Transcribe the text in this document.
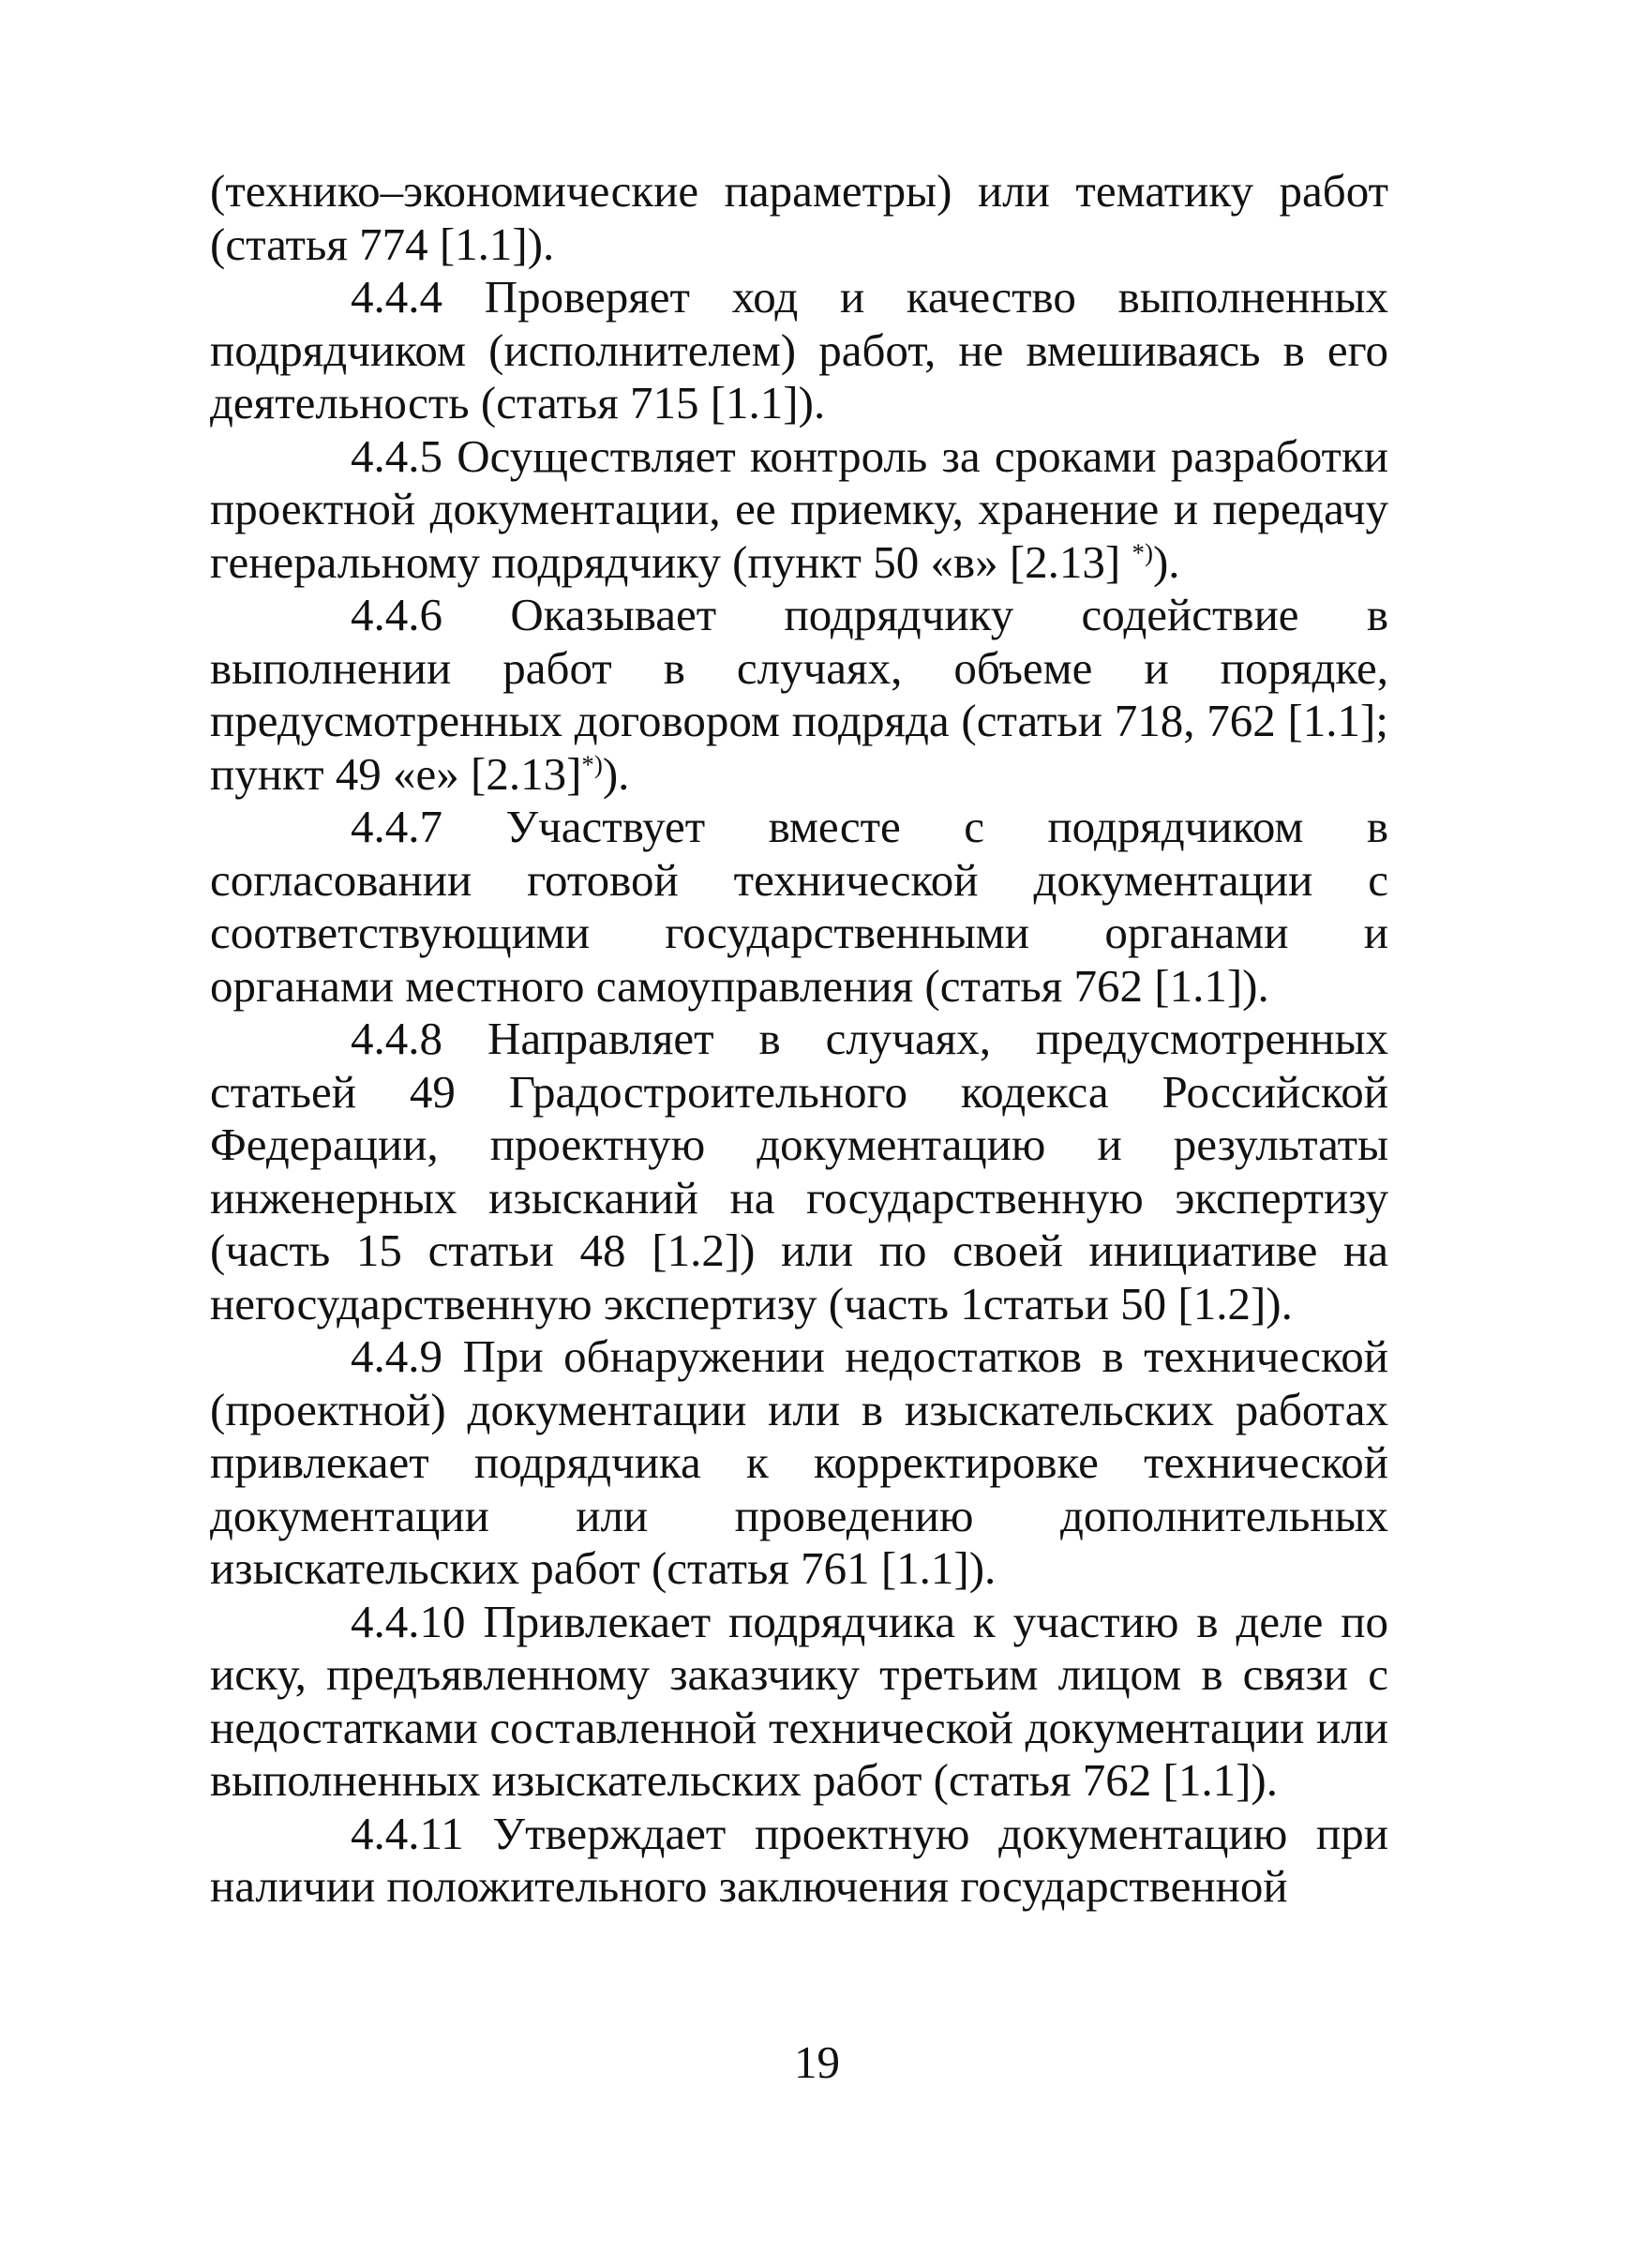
(технико–экономические параметры) или тематику работ (статья 774 [1.1]).

4.4.4 Проверяет ход и качество выполненных подрядчиком (исполнителем) работ, не вмешиваясь в его деятельность (статья 715 [1.1]).

4.4.5 Осуществляет контроль за сроками разработки проектной документации, ее приемку, хранение и передачу генеральному подрядчику (пункт 50 «в» [2.13] *)).

4.4.6 Оказывает подрядчику содействие в выполнении работ в случаях, объеме и порядке, предусмотренных договором подряда (статьи 718, 762 [1.1]; пункт 49 «е» [2.13]*)).

4.4.7 Участвует вместе с подрядчиком в согласовании готовой технической документации с соответствующими государственными органами и органами местного самоуправления (статья 762 [1.1]).

4.4.8 Направляет в случаях, предусмотренных статьей 49 Градостроительного кодекса Российской Федерации, проектную документацию и результаты инженерных изысканий на государственную экспертизу (часть 15 статьи 48 [1.2]) или по своей инициативе на негосударственную экспертизу (часть 1статьи 50 [1.2]).

4.4.9 При обнаружении недостатков в технической (проектной) документации или в изыскательских работах привлекает подрядчика к корректировке технической документации или проведению дополнительных изыскательских работ (статья 761 [1.1]).

4.4.10 Привлекает подрядчика к участию в деле по иску, предъявленному заказчику третьим лицом в связи с недостатками составленной технической документации или выполненных изыскательских работ (статья 762 [1.1]).

4.4.11 Утверждает проектную документацию при наличии положительного заключения государственной

19
